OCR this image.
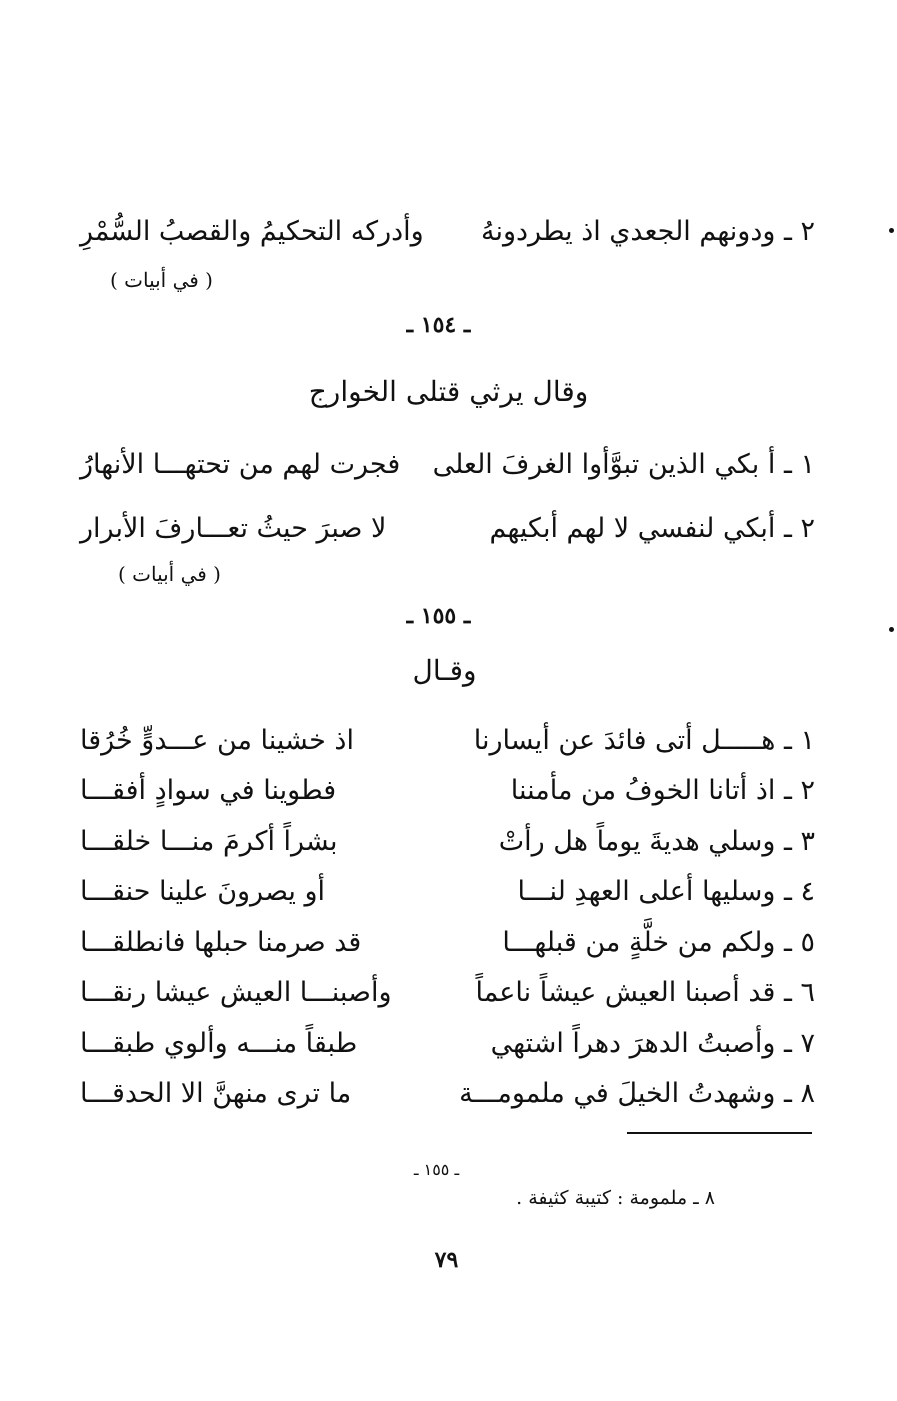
٢ ـ ودونهم الجعدي اذ يطردونهُ
وأدركه التحكيمُ والقصبُ السُّمْرِ
( في أبيات )
ـ ١٥٤ ـ
وقال يرثي قتلى الخوارج
١ ـ أ بكي الذين تبوَّأوا الغرفَ العلى
فجرت لهم من تحتهـــا الأنهارُ
٢ ـ أبكي لنفسي لا لهم أبكيهم
لا صبرَ حيثُ تعـــارفَ الأبرار
( في أبيات )
ـ ١٥٥ ـ
وقـال
١ ـ هـــــل أتى فائدَ عن أيسارنا
اذ خشينا من عـــدوٍّ خُرُقا
٢ ـ اذ أتانا الخوفُ من مأمننا
فطوينا في سوادٍ أفقـــا
٣ ـ وسلي هديةَ يوماً هل رأتْ
بشراً أكرمَ منـــا خلقـــا
٤ ـ وسليها أعلى العهدِ لنـــا
أو يصرونَ علينا حنقـــا
٥ ـ ولكم من خلَّةٍ من قبلهـــا
قد صرمنا حبلها فانطلقـــا
٦ ـ قد أصبنا العيش عيشاً ناعماً
وأصبنـــا العيش عيشا رنقـــا
٧ ـ وأصبتُ الدهرَ دهراً اشتهي
طبقاً منـــه وألوي طبقـــا
٨ ـ وشهدتُ الخيلَ في ملمومـــة
ما ترى منهنَّ الا الحدقـــا
ـ ١٥٥ ـ
٨ ـ ملمومة : كتيبة كثيفة .
٧٩
